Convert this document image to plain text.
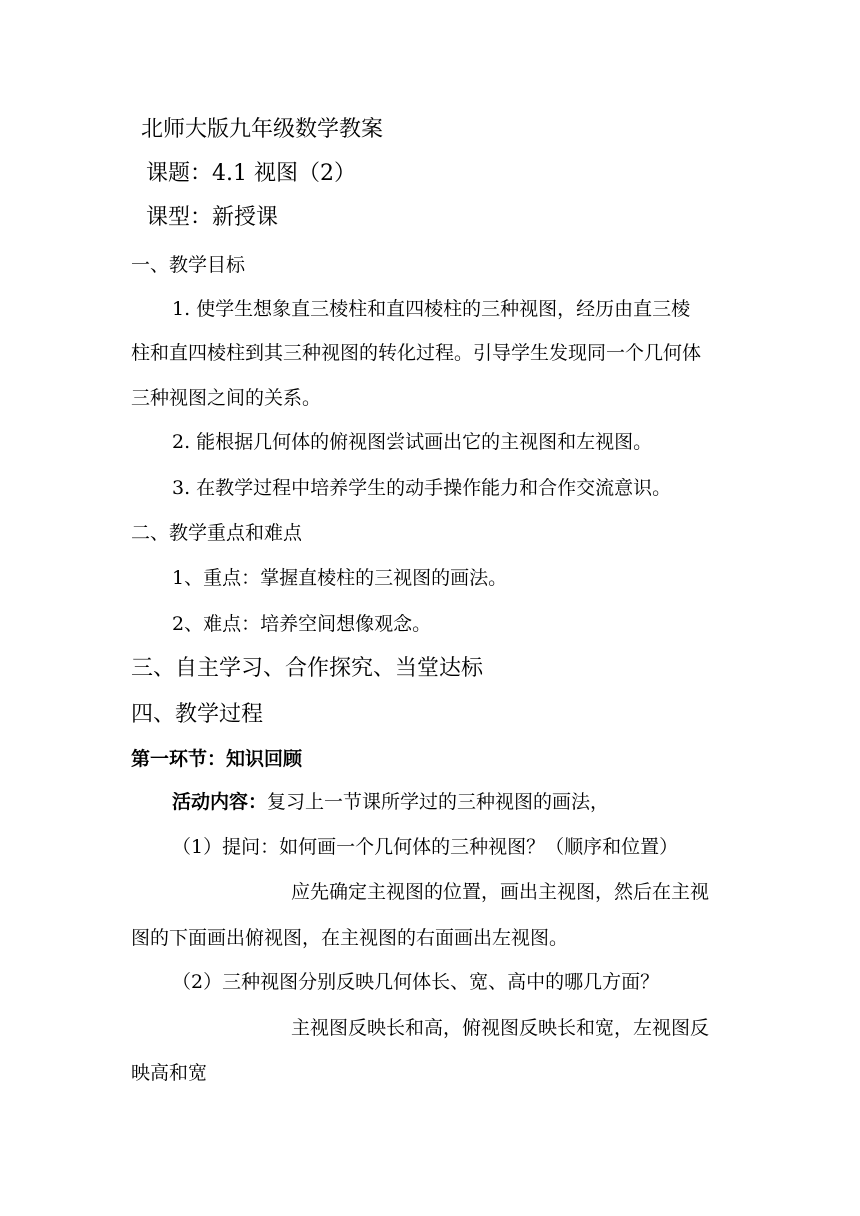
北师大版九年级数学教案
课题：4.1 视图（2）
课型：新授课
一、教学目标
1. 使学生想象直三棱柱和直四棱柱的三种视图，经历由直三棱
柱和直四棱柱到其三种视图的转化过程。引导学生发现同一个几何体
三种视图之间的关系。
2. 能根据几何体的俯视图尝试画出它的主视图和左视图。
3. 在教学过程中培养学生的动手操作能力和合作交流意识。
二、教学重点和难点
1、重点：掌握直棱柱的三视图的画法。
2、难点：培养空间想像观念。
三、自主学习、合作探究、当堂达标
四、教学过程
第一环节：知识回顾
活动内容：复习上一节课所学过的三种视图的画法，
（1）提问：如何画一个几何体的三种视图？（顺序和位置）
应先确定主视图的位置，画出主视图，然后在主视
图的下面画出俯视图，在主视图的右面画出左视图。
（2）三种视图分别反映几何体长、宽、高中的哪几方面？
主视图反映长和高，俯视图反映长和宽，左视图反
映高和宽
